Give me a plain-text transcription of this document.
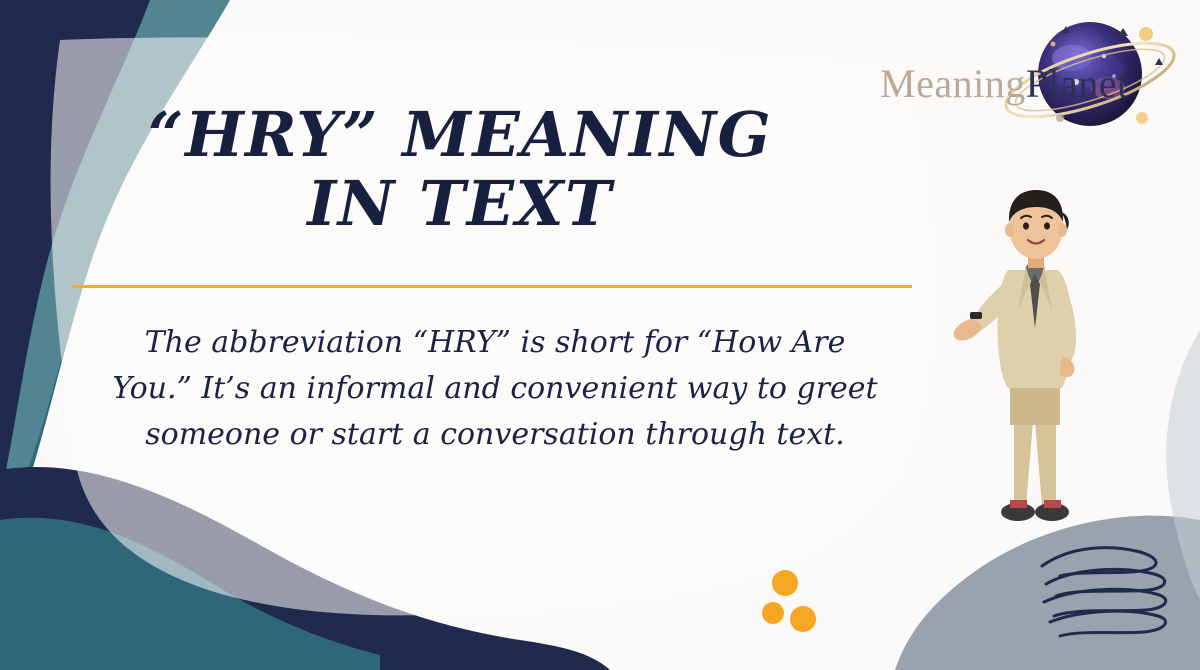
MeaningPlanet
“HRY” MEANING
IN TEXT
The abbreviation “HRY” is short for “How Are You.” It’s an informal and convenient way to greet someone or start a conversation through text.
